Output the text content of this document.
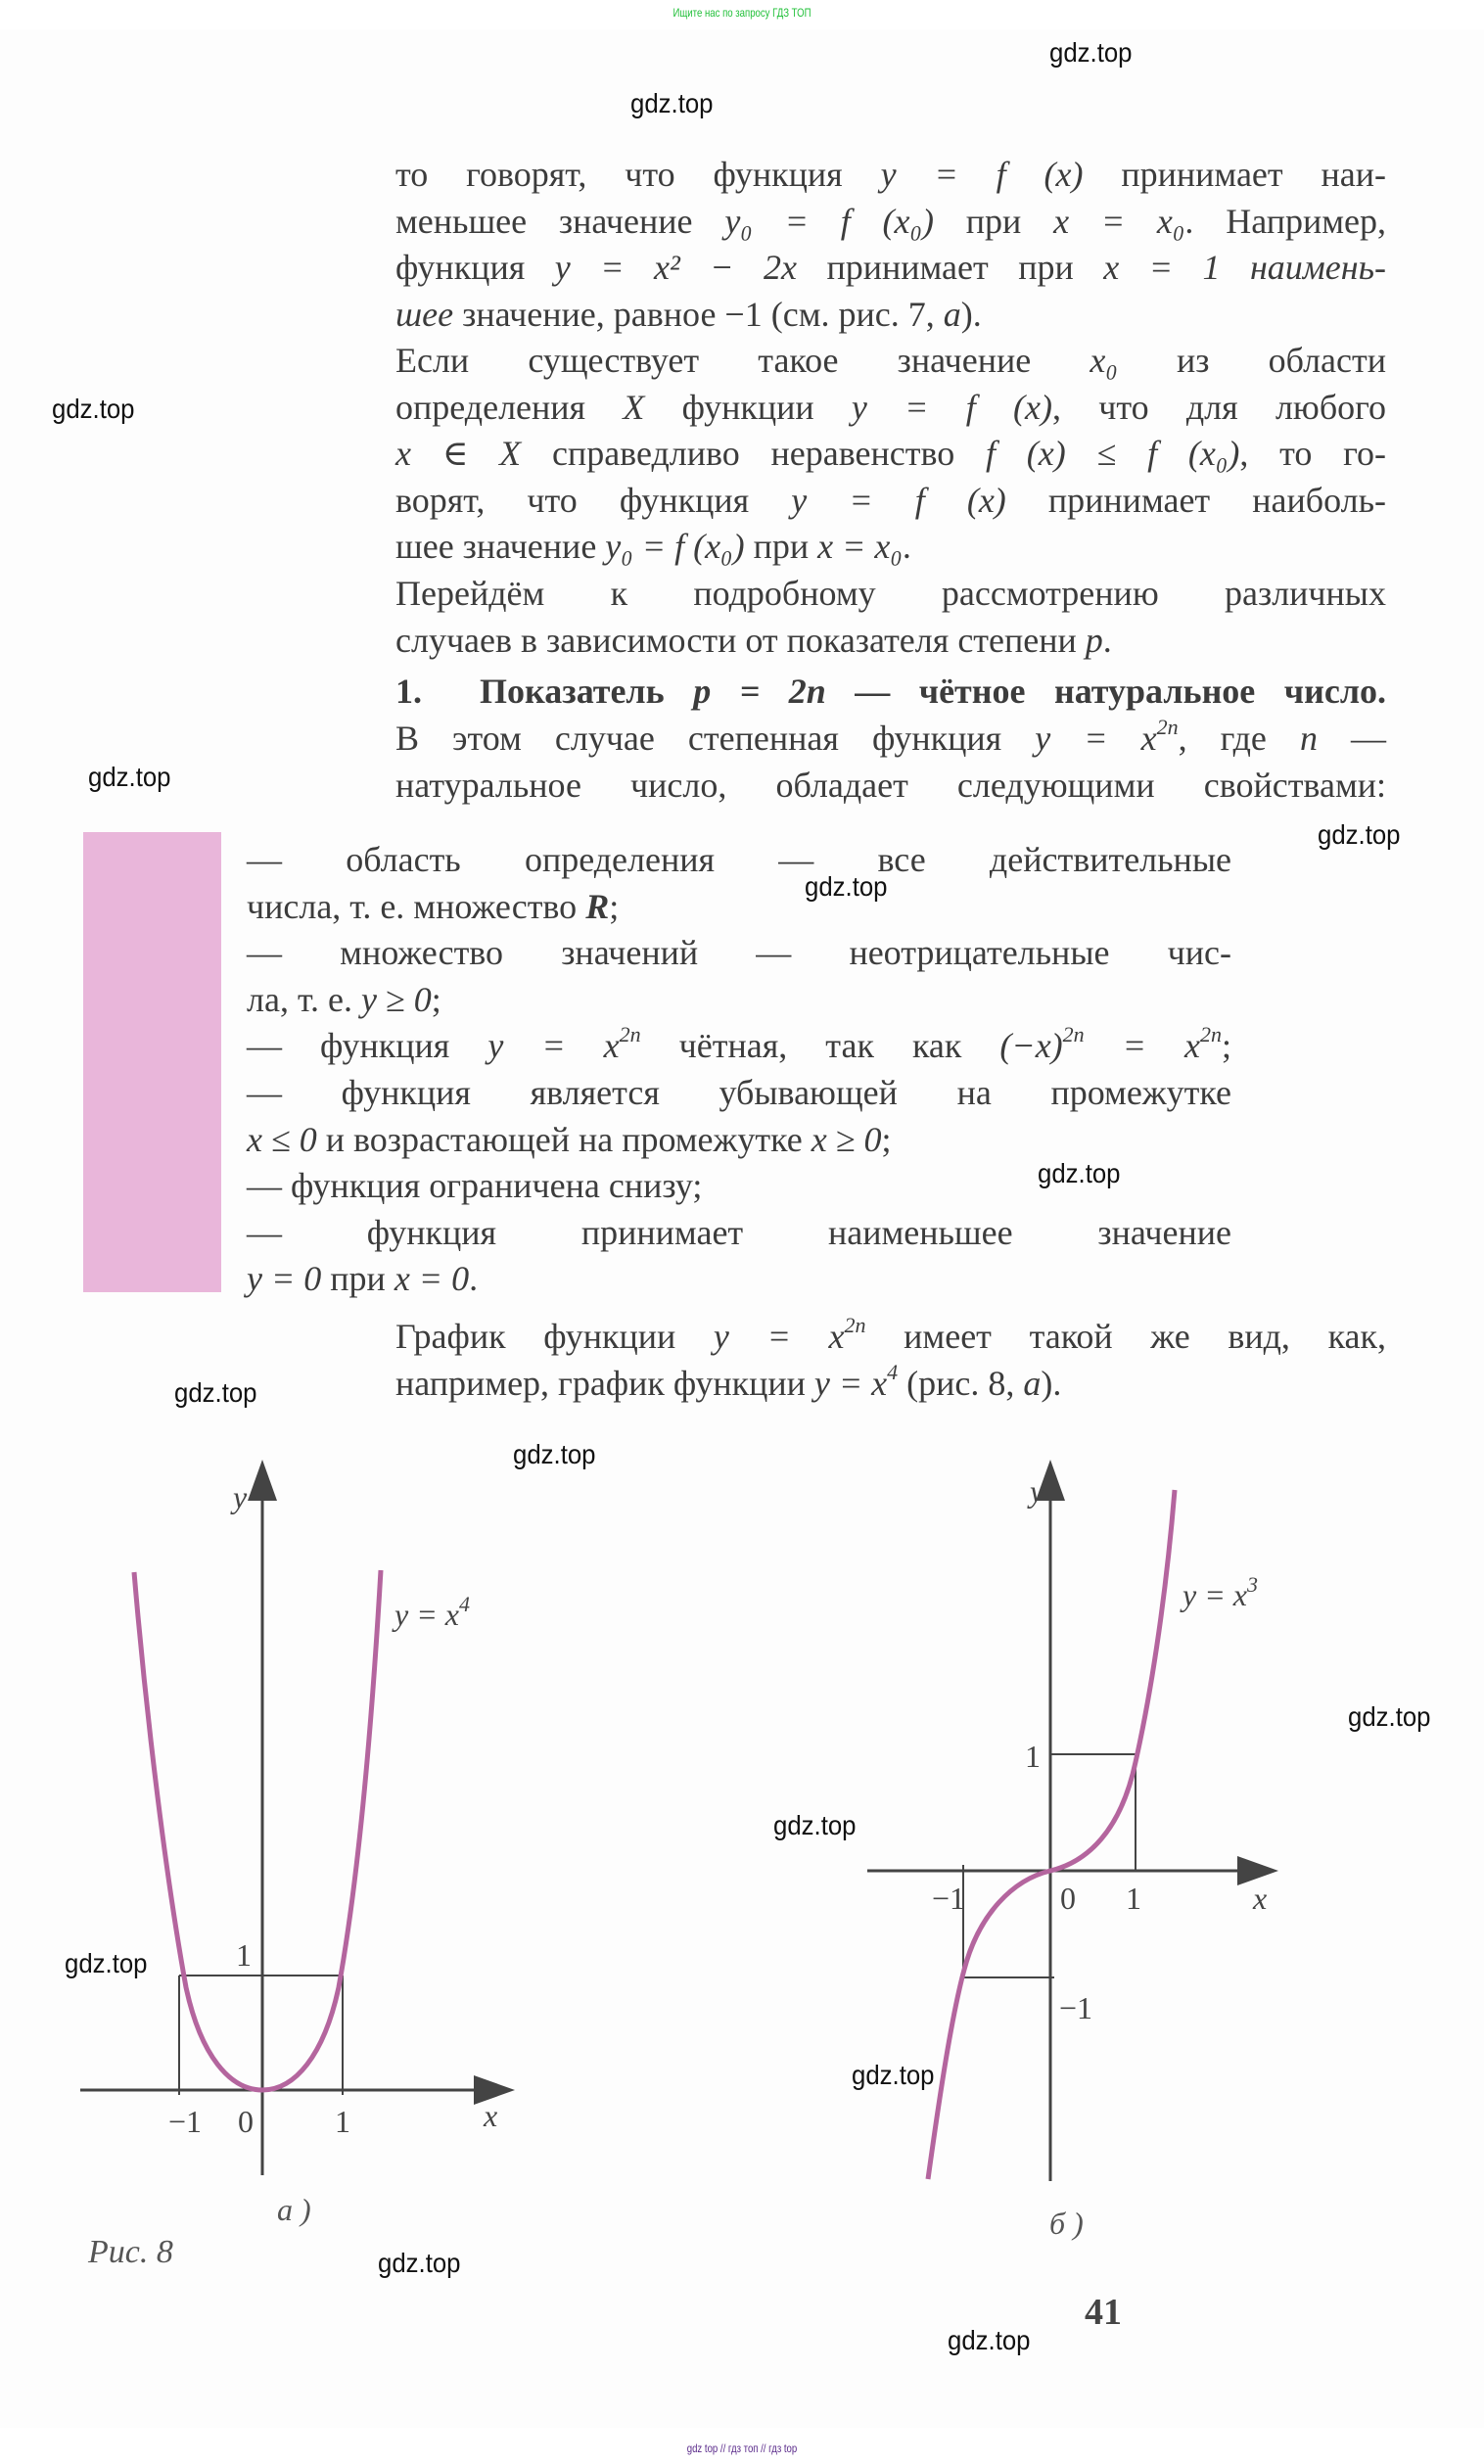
Ищите нас по запросу ГДЗ ТОП
то говорят, что функция y = f (x) принимает наи-
меньшее значение y₀ = f (x₀) при x = x₀. Например,
функция y = x² − 2x принимает при x = 1 наимень-
шее значение, равное −1 (см. рис. 7, а).
Если существует такое значение x₀ из области
определения X функции y = f (x), что для любого
x ∈ X справедливо неравенство f (x) ≤ f (x₀), то го-
ворят, что функция y = f (x) принимает наиболь-
шее значение y₀ = f (x₀) при x = x₀.
Перейдём к подробному рассмотрению различных
случаев в зависимости от показателя степени p.
1. Показатель p = 2n — чётное натуральное число.
В этом случае степенная функция $y = x^{2n}$, где n —
натуральное число, обладает следующими свойствами:
— область определения — все действительные
числа, т. е. множество R;
— множество значений — неотрицательные чис-
ла, т. е. y ≥ 0;
— функция $y = x^{2n}$ чётная, так как $(-x)^{2n} = x^{2n}$;
— функция является убывающей на промежутке
x ≤ 0 и возрастающей на промежутке x ≥ 0;
— функция ограничена снизу;
— функция принимает наименьшее значение
y = 0 при x = 0.
График функции $y = x^{2n}$ имеет такой же вид, как,
например, график функции $y = x^4$ (рис. 8, а).
y
x
−1 0	1
1
$y = x^4$
а )
y
x
−1	0 1
1
−1
$y = x^3$
б )
Рис. 8
41
gdz.top
gdz.top
gdz.top
gdz.top
gdz.top
gdz.top
gdz.top
gdz.top
gdz.top
gdz.top
gdz.top
gdz.top
gdz.top
gdz.top
gdz.top
gdz top // гдз топ // гдз top
